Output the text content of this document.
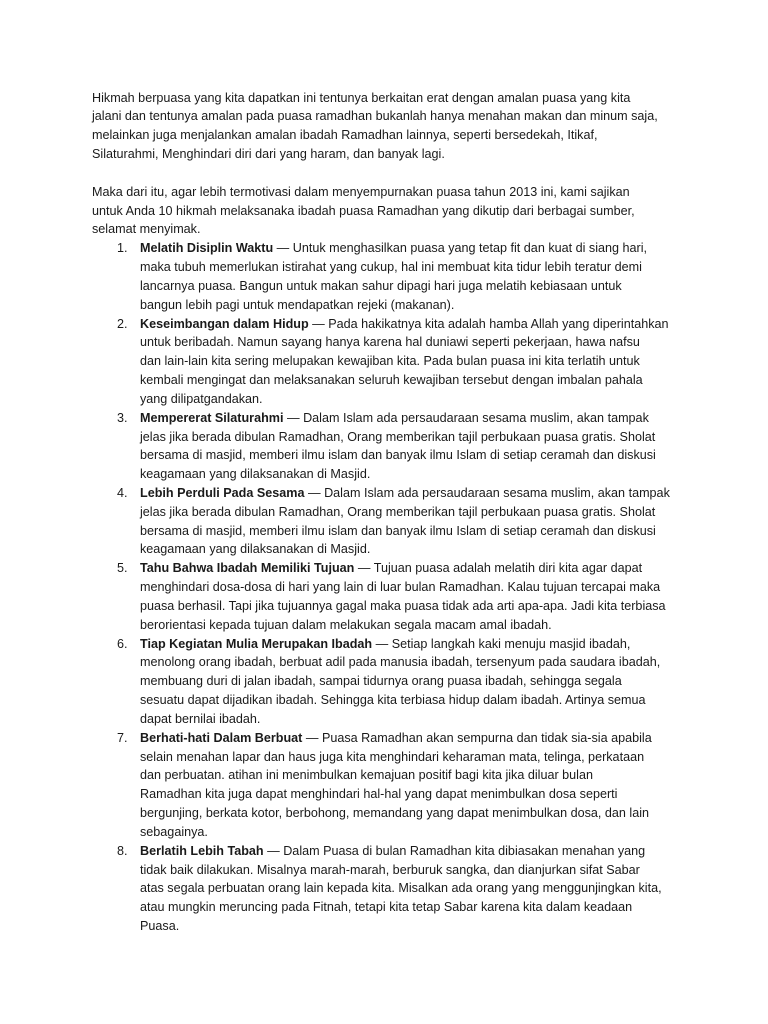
Hikmah berpuasa yang kita dapatkan ini tentunya berkaitan erat dengan amalan puasa yang kita
jalani dan tentunya amalan pada puasa ramadhan bukanlah hanya menahan makan dan minum saja,
melainkan juga menjalankan amalan ibadah Ramadhan lainnya, seperti bersedekah, Itikaf,
Silaturahmi, Menghindari diri dari yang haram, dan banyak lagi.
Maka dari itu, agar lebih termotivasi dalam menyempurnakan puasa tahun 2013 ini, kami sajikan
untuk Anda 10 hikmah melaksanaka ibadah puasa Ramadhan yang dikutip dari berbagai sumber,
selamat menyimak.
1. Melatih Disiplin Waktu — Untuk menghasilkan puasa yang tetap fit dan kuat di siang hari,
maka tubuh memerlukan istirahat yang cukup, hal ini membuat kita tidur lebih teratur demi
lancarnya puasa. Bangun untuk makan sahur dipagi hari juga melatih kebiasaan untuk
bangun lebih pagi untuk mendapatkan rejeki (makanan).
2. Keseimbangan dalam Hidup — Pada hakikatnya kita adalah hamba Allah yang diperintahkan
untuk beribadah. Namun sayang hanya karena hal duniawi seperti pekerjaan, hawa nafsu
dan lain-lain kita sering melupakan kewajiban kita. Pada bulan puasa ini kita terlatih untuk
kembali mengingat dan melaksanakan seluruh kewajiban tersebut dengan imbalan pahala
yang dilipatgandakan.
3. Mempererat Silaturahmi — Dalam Islam ada persaudaraan sesama muslim, akan tampak
jelas jika berada dibulan Ramadhan, Orang memberikan tajil perbukaan puasa gratis. Sholat
bersama di masjid, memberi ilmu islam dan banyak ilmu Islam di setiap ceramah dan diskusi
keagamaan yang dilaksanakan di Masjid.
4. Lebih Perduli Pada Sesama — Dalam Islam ada persaudaraan sesama muslim, akan tampak
jelas jika berada dibulan Ramadhan, Orang memberikan tajil perbukaan puasa gratis. Sholat
bersama di masjid, memberi ilmu islam dan banyak ilmu Islam di setiap ceramah dan diskusi
keagamaan yang dilaksanakan di Masjid.
5. Tahu Bahwa Ibadah Memiliki Tujuan — Tujuan puasa adalah melatih diri kita agar dapat
menghindari dosa-dosa di hari yang lain di luar bulan Ramadhan. Kalau tujuan tercapai maka
puasa berhasil. Tapi jika tujuannya gagal maka puasa tidak ada arti apa-apa. Jadi kita terbiasa
berorientasi kepada tujuan dalam melakukan segala macam amal ibadah.
6. Tiap Kegiatan Mulia Merupakan Ibadah — Setiap langkah kaki menuju masjid ibadah,
menolong orang ibadah, berbuat adil pada manusia ibadah, tersenyum pada saudara ibadah,
membuang duri di jalan ibadah, sampai tidurnya orang puasa ibadah, sehingga segala
sesuatu dapat dijadikan ibadah. Sehingga kita terbiasa hidup dalam ibadah. Artinya semua
dapat bernilai ibadah.
7. Berhati-hati Dalam Berbuat — Puasa Ramadhan akan sempurna dan tidak sia-sia apabila
selain menahan lapar dan haus juga kita menghindari keharaman mata, telinga, perkataan
dan perbuatan. atihan ini menimbulkan kemajuan positif bagi kita jika diluar bulan
Ramadhan kita juga dapat menghindari hal-hal yang dapat menimbulkan dosa seperti
bergunjing, berkata kotor, berbohong, memandang yang dapat menimbulkan dosa, dan lain
sebagainya.
8. Berlatih Lebih Tabah — Dalam Puasa di bulan Ramadhan kita dibiasakan menahan yang
tidak baik dilakukan. Misalnya marah-marah, berburuk sangka, dan dianjurkan sifat Sabar
atas segala perbuatan orang lain kepada kita. Misalkan ada orang yang menggunjingkan kita,
atau mungkin meruncing pada Fitnah, tetapi kita tetap Sabar karena kita dalam keadaan
Puasa.
